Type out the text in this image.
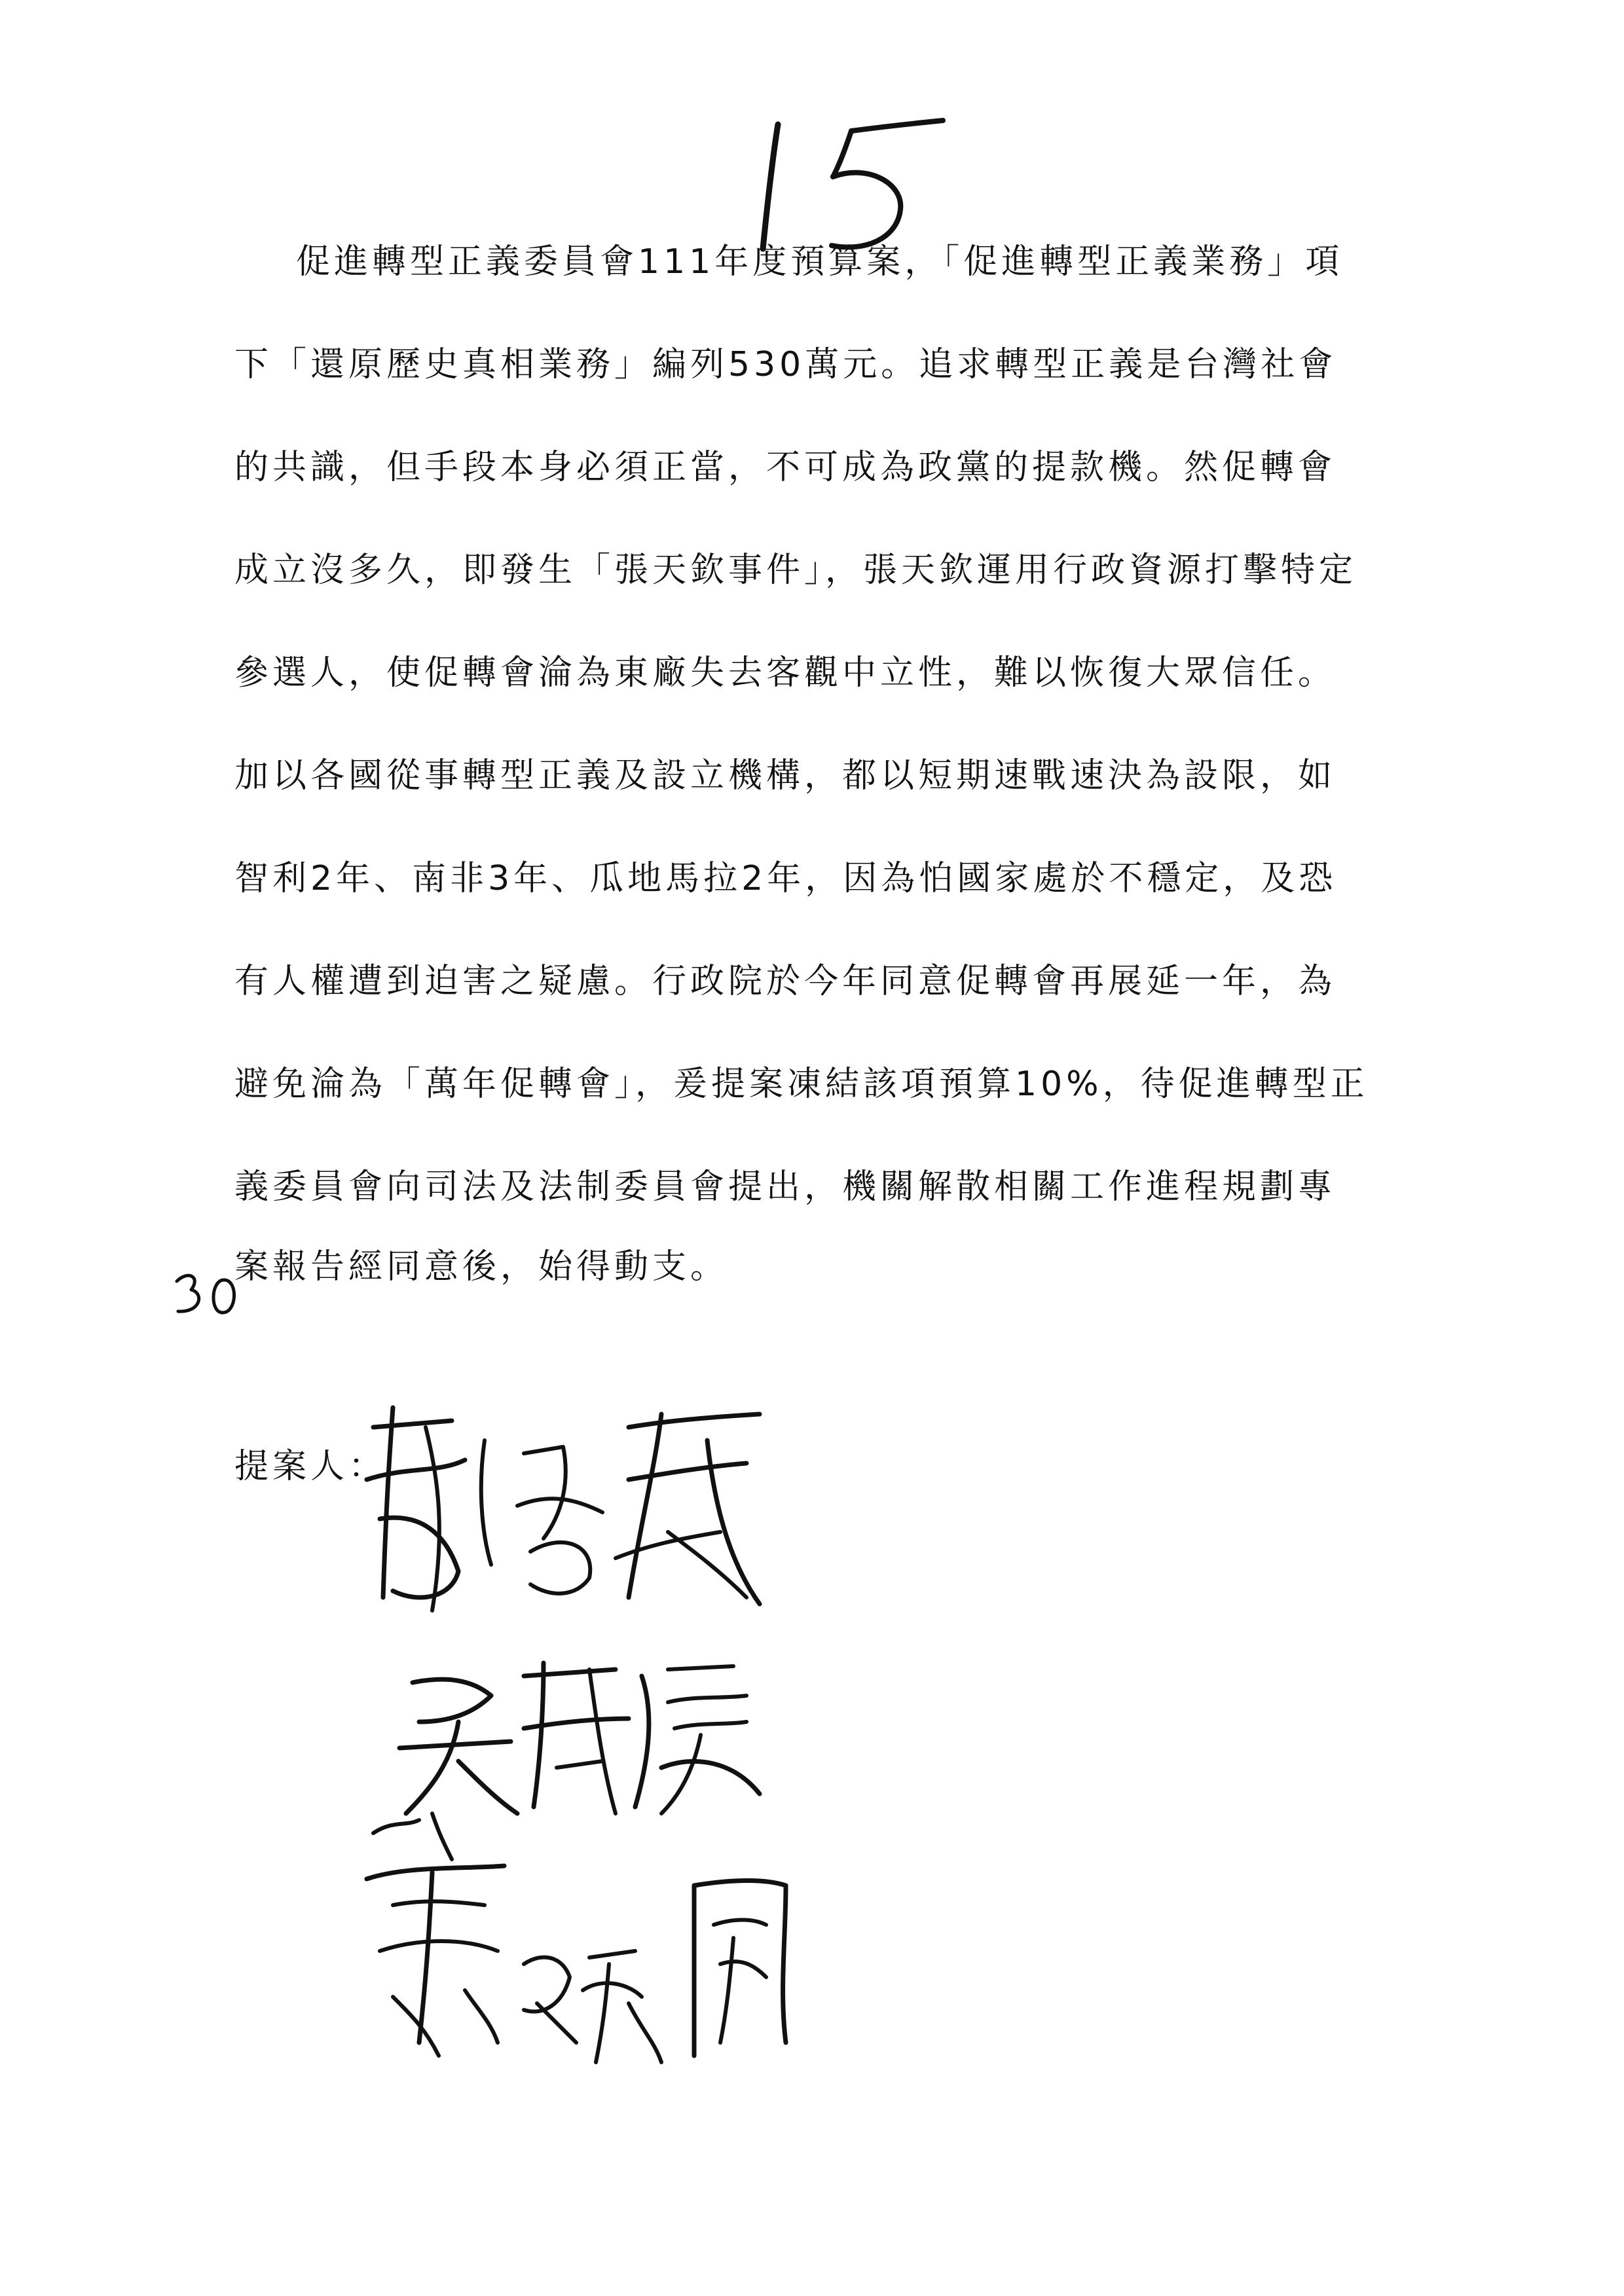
促進轉型正義委員會111年度預算案，「促進轉型正義業務」項
下「還原歷史真相業務」編列530萬元。追求轉型正義是台灣社會
的共識，但手段本身必須正當，不可成為政黨的提款機。然促轉會
成立沒多久，即發生「張天欽事件」，張天欽運用行政資源打擊特定
參選人，使促轉會淪為東廠失去客觀中立性，難以恢復大眾信任。
加以各國從事轉型正義及設立機構，都以短期速戰速決為設限，如
智利2年、南非3年、瓜地馬拉2年，因為怕國家處於不穩定，及恐
有人權遭到迫害之疑慮。行政院於今年同意促轉會再展延一年，為
避免淪為「萬年促轉會」，爰提案凍結該項預算10%，待促進轉型正
義委員會向司法及法制委員會提出，機關解散相關工作進程規劃專
案報告經同意後，始得動支。
提案人：
